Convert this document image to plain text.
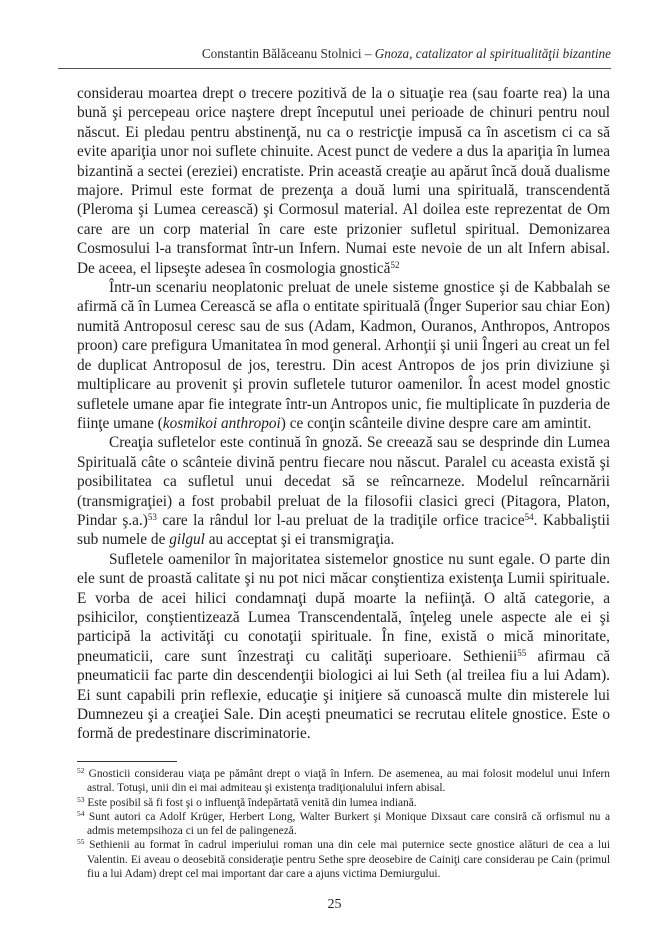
Constantin Bălăceanu Stolnici – Gnoza, catalizator al spiritualităţii bizantine

considerau moartea drept o trecere pozitivă de la o situaţie rea (sau foarte rea) la una bună şi percepeau orice naştere drept începutul unei perioade de chinuri pentru noul născut. Ei pledau pentru abstinenţă, nu ca o restricţie impusă ca în ascetism ci ca să evite apariţia unor noi suflete chinuite. Acest punct de vedere a dus la apariţia în lumea bizantină a sectei (ereziei) encratiste. Prin această creaţie au apărut încă două dualisme majore. Primul este format de prezenţa a două lumi una spirituală, transcendentă (Pleroma şi Lumea cerească) şi Cormosul material. Al doilea este reprezentat de Om care are un corp material în care este prizonier sufletul spiritual. Demonizarea Cosmosului l-a transformat într-un Infern. Numai este nevoie de un alt Infern abisal. De aceea, el lipseşte adesea în cosmologia gnostică$^{52}$

Într-un scenariu neoplatonic preluat de unele sisteme gnostice şi de Kabbalah se afirmă că în Lumea Cerească se afla o entitate spirituală (Înger Superior sau chiar Eon) numită Antroposul ceresc sau de sus (Adam, Kadmon, Ouranos, Anthropos, Antropos proon) care prefigura Umanitatea în mod general. Arhonţii şi unii Îngeri au creat un fel de duplicat Antroposul de jos, terestru. Din acest Antropos de jos prin diviziune şi multiplicare au provenit şi provin sufletele tuturor oamenilor. În acest model gnostic sufletele umane apar fie integrate într-un Antropos unic, fie multiplicate în puzderia de fiinţe umane (kosmikoi anthropoi) ce conţin scânteile divine despre care am amintit.

Creaţia sufletelor este continuă în gnoză. Se creează sau se desprinde din Lumea Spirituală câte o scânteie divină pentru fiecare nou născut. Paralel cu aceasta există şi posibilitatea ca sufletul unui decedat să se reîncarneze. Modelul reîncarnării (transmigraţiei) a fost probabil preluat de la filosofii clasici greci (Pitagora, Platon, Pindar ş.a.)$^{53}$ care la rândul lor l-au preluat de la tradiţile orfice tracice$^{54}$. Kabbaliştii sub numele de gilgul au acceptat şi ei transmigraţia.

Sufletele oamenilor în majoritatea sistemelor gnostice nu sunt egale. O parte din ele sunt de proastă calitate şi nu pot nici măcar conştientiza existenţa Lumii spirituale. E vorba de acei hilici condamnaţi după moarte la nefiinţă. O altă categorie, a psihicilor, conştientizează Lumea Transcendentală, înţeleg unele aspecte ale ei şi participă la activităţi cu conotaţii spirituale. În fine, există o mică minoritate, pneumaticii, care sunt înzestraţi cu calităţi superioare. Sethienii$^{55}$ afirmau că pneumaticii fac parte din descendenţii biologici ai lui Seth (al treilea fiu a lui Adam). Ei sunt capabili prin reflexie, educaţie şi iniţiere să cunoască multe din misterele lui Dumnezeu şi a creaţiei Sale. Din aceşti pneumatici se recrutau elitele gnostice. Este o formă de predestinare discriminatorie.

$^{52}$ Gnosticii considerau viaţa pe pământ drept o viaţă în Infern. De asemenea, au mai folosit modelul unui Infern astral. Totuşi, unii din ei mai admiteau şi existenţa tradiţionalului infern abisal.

$^{53}$ Este posibil să fi fost şi o influenţă îndepărtată venită din lumea indiană.

$^{54}$ Sunt autori ca Adolf Krüger, Herbert Long, Walter Burkert şi Monique Dixsaut care consiră că orfismul nu a admis metempsihoza ci un fel de palingeneză.

$^{55}$ Sethienii au format în cadrul imperiului roman una din cele mai puternice secte gnostice alături de cea a lui Valentin. Ei aveau o deosebită consideraţie pentru Sethe spre deosebire de Cainiţi care considerau pe Cain (primul fiu a lui Adam) drept cel mai important dar care a ajuns victima Demiurgului.

25
